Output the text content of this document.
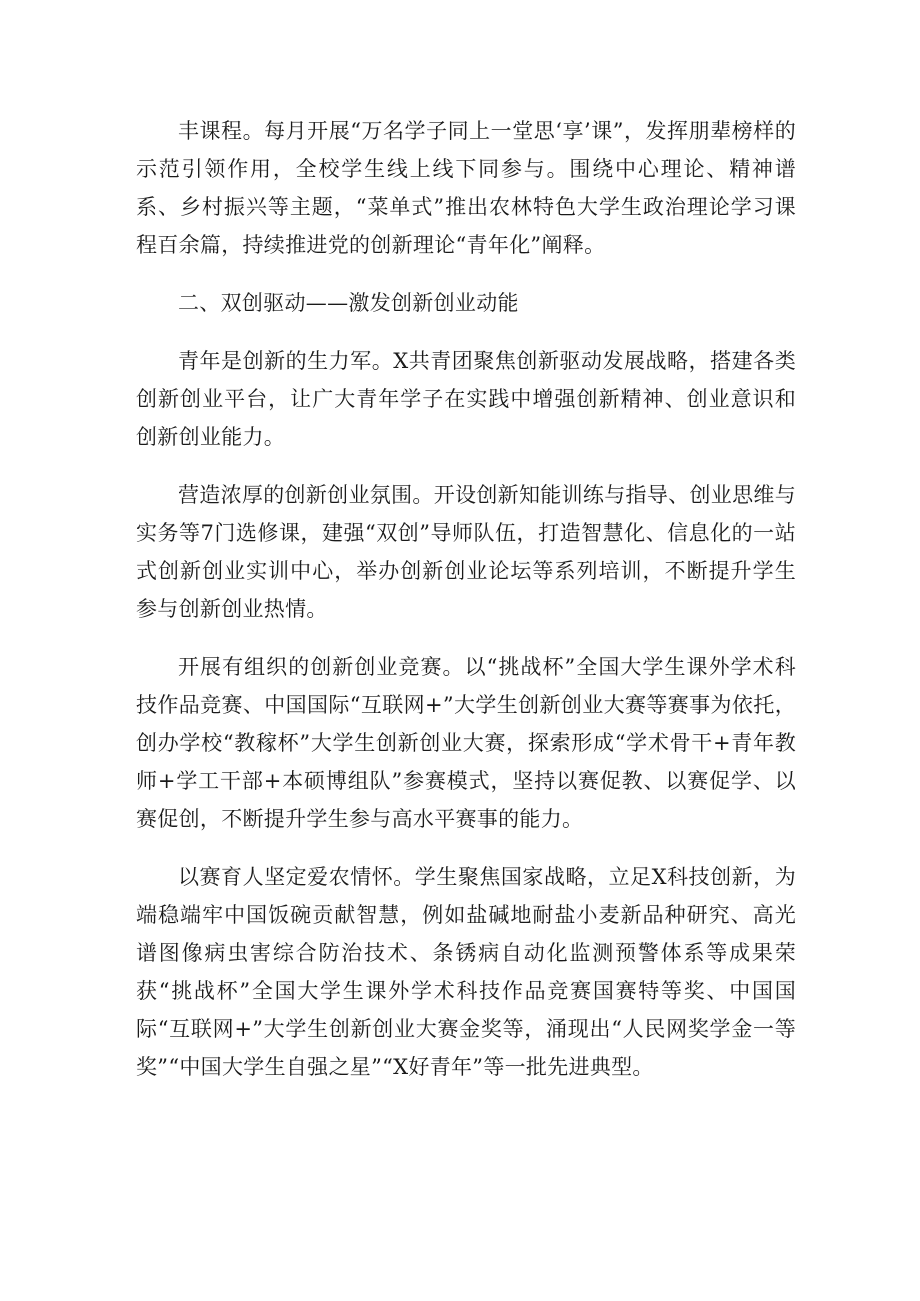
丰课程。每月开展“万名学子同上一堂思‘享’课”，发挥朋辈榜样的示范引领作用，全校学生线上线下同参与。围绕中心理论、精神谱系、乡村振兴等主题，“菜单式”推出农林特色大学生政治理论学习课程百余篇，持续推进党的创新理论“青年化”阐释。

二、双创驱动——激发创新创业动能

青年是创新的生力军。X共青团聚焦创新驱动发展战略，搭建各类创新创业平台，让广大青年学子在实践中增强创新精神、创业意识和创新创业能力。

营造浓厚的创新创业氛围。开设创新知能训练与指导、创业思维与实务等7门选修课，建强“双创”导师队伍，打造智慧化、信息化的一站式创新创业实训中心，举办创新创业论坛等系列培训，不断提升学生参与创新创业热情。

开展有组织的创新创业竞赛。以“挑战杯”全国大学生课外学术科技作品竞赛、中国国际“互联网+”大学生创新创业大赛等赛事为依托，创办学校“教稼杯”大学生创新创业大赛，探索形成“学术骨干+青年教师+学工干部+本硕博组队”参赛模式，坚持以赛促教、以赛促学、以赛促创，不断提升学生参与高水平赛事的能力。

以赛育人坚定爱农情怀。学生聚焦国家战略，立足X科技创新，为端稳端牢中国饭碗贡献智慧，例如盐碱地耐盐小麦新品种研究、高光谱图像病虫害综合防治技术、条锈病自动化监测预警体系等成果荣获“挑战杯”全国大学生课外学术科技作品竞赛国赛特等奖、中国国际“互联网+”大学生创新创业大赛金奖等，涌现出“人民网奖学金一等奖”“中国大学生自强之星”“X好青年”等一批先进典型。
